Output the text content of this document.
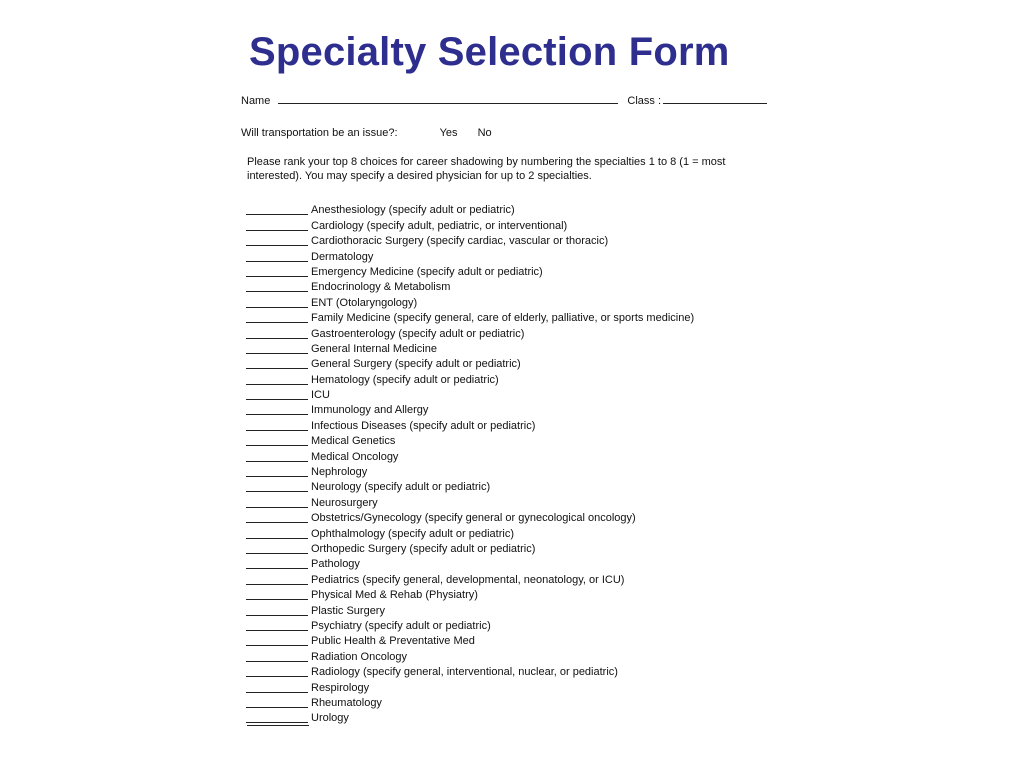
Specialty Selection Form
Name	Class :
Will transportation be an issue?:	Yes No
Please rank your top 8 choices for career shadowing by numbering the specialties 1 to 8 (1 = most interested). You may specify a desired physician for up to 2 specialties.
Anesthesiology (specify adult or pediatric)
Cardiology (specify adult, pediatric, or interventional)
Cardiothoracic Surgery (specify cardiac, vascular or thoracic)
Dermatology
Emergency Medicine (specify adult or pediatric)
Endocrinology & Metabolism
ENT (Otolaryngology)
Family Medicine (specify general, care of elderly, palliative, or sports medicine)
Gastroenterology (specify adult or pediatric)
General Internal Medicine
General Surgery (specify adult or pediatric)
Hematology (specify adult or pediatric)
ICU
Immunology and Allergy
Infectious Diseases (specify adult or pediatric)
Medical Genetics
Medical Oncology
Nephrology
Neurology (specify adult or pediatric)
Neurosurgery
Obstetrics/Gynecology (specify general or gynecological oncology)
Ophthalmology (specify adult or pediatric)
Orthopedic Surgery (specify adult or pediatric)
Pathology
Pediatrics (specify general, developmental, neonatology, or ICU)
Physical Med & Rehab (Physiatry)
Plastic Surgery
Psychiatry (specify adult or pediatric)
Public Health & Preventative Med
Radiation Oncology
Radiology (specify general, interventional, nuclear, or pediatric)
Respirology
Rheumatology
Urology
